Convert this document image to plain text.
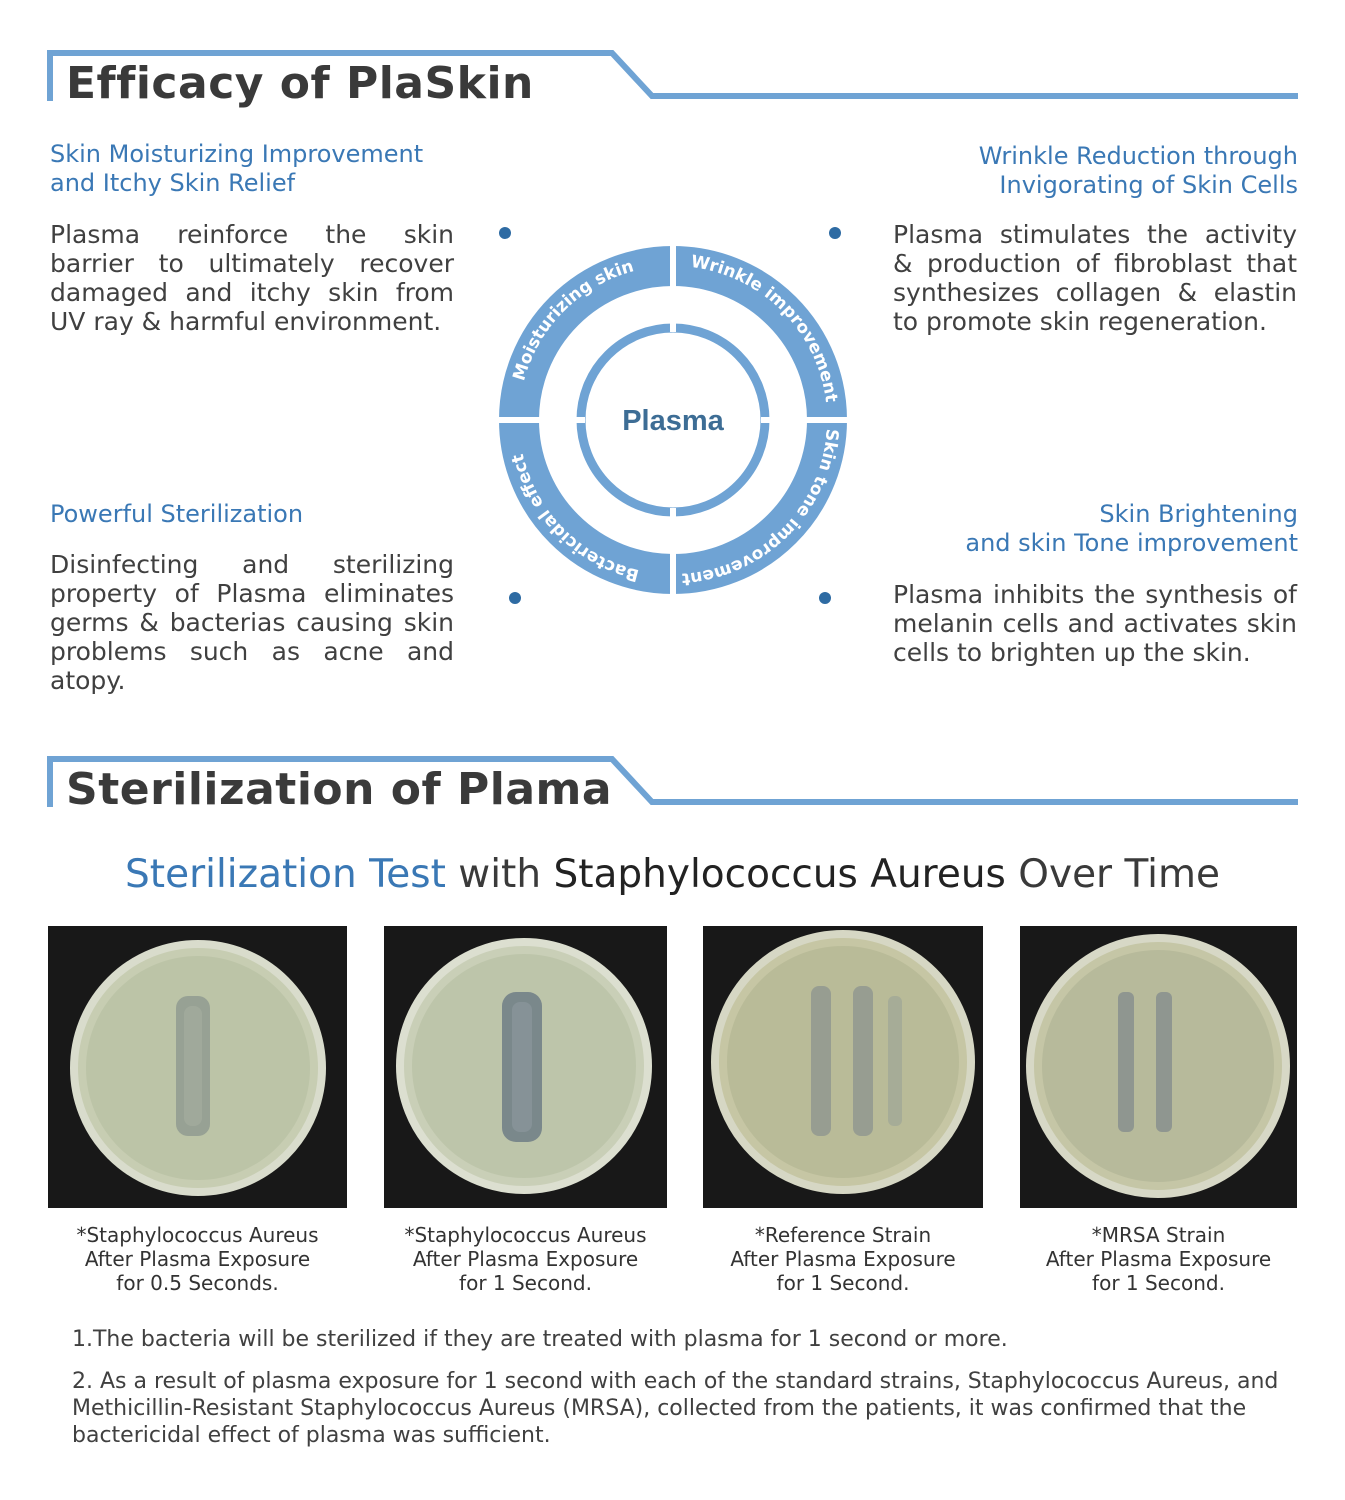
Efficacy of PlaSkin
Skin Moisturizing Improvement
and Itchy Skin Relief
Plasma reinforce the skin barrier to ultimately recover damaged and itchy skin from UV ray & harmful environment.
Wrinkle Reduction through
Invigorating of Skin Cells
Plasma stimulates the activity & production of fibroblast that synthesizes collagen & elastin to promote skin regeneration.
Powerful Sterilization
Disinfecting and sterilizing property of Plasma eliminates germs & bacterias causing skin problems such as acne and atopy.
Skin Brightening
and skin Tone improvement
Plasma inhibits the synthesis of melanin cells and activates skin cells to brighten up the skin.
Moisturizing skin	Wrinkle improvement
Skin tone improvement
Bactericidal effect
Plasma
Sterilization of Plama
Sterilization Test with Staphylococcus Aureus Over Time
*Staphylococcus Aureus
After Plasma Exposure
for 0.5 Seconds.
*Staphylococcus Aureus
After Plasma Exposure
for 1 Second.
*Reference Strain
After Plasma Exposure
for 1 Second.
*MRSA Strain
After Plasma Exposure
for 1 Second.
1.The bacteria will be sterilized if they are treated with plasma for 1 second or more.
2. As a result of plasma exposure for 1 second with each of the standard strains, Staphylococcus Aureus, and Methicillin-Resistant Staphylococcus Aureus (MRSA), collected from the patients, it was confirmed that the bactericidal effect of plasma was sufficient.
